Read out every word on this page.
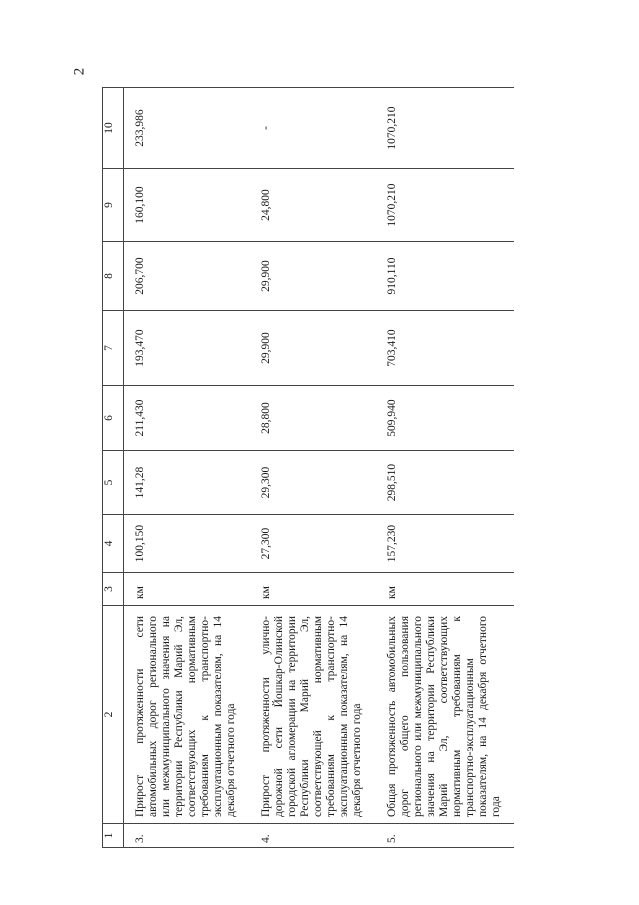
2
1	2	3	4	5	6	7	8	9	10
3.	Прирост протяженности сети автомобильных дорог регионального или межмуниципального значения на территории Республики Марий Эл, соответствующих нормативным требованиям к транспортно-эксплуатационным показателям, на 14 декабря отчетного года	км	100,150	141,28	211,430	193,470	206,700	160,100	233,986
4.	Прирост протяженности улично-дорожной сети Йошкар-Олинской городской агломерации на территории Республики Марий Эл, соответствующей нормативным требованиям к транспортно-эксплуатационным показателям, на 14 декабря отчетного года	км	27,300	29,300	28,800	29,900	29,900	24,800	-
5.	Общая протяженность автомобильных дорог общего пользования регионального или межмуниципального значения на территории Республики Марий Эл, соответствующих нормативным требованиям к транспортно-эксплуатационным показателям, на 14 декабря отчетного года	км	157,230	298,510	509,940	703,410	910,110	1070,210	1070,210
